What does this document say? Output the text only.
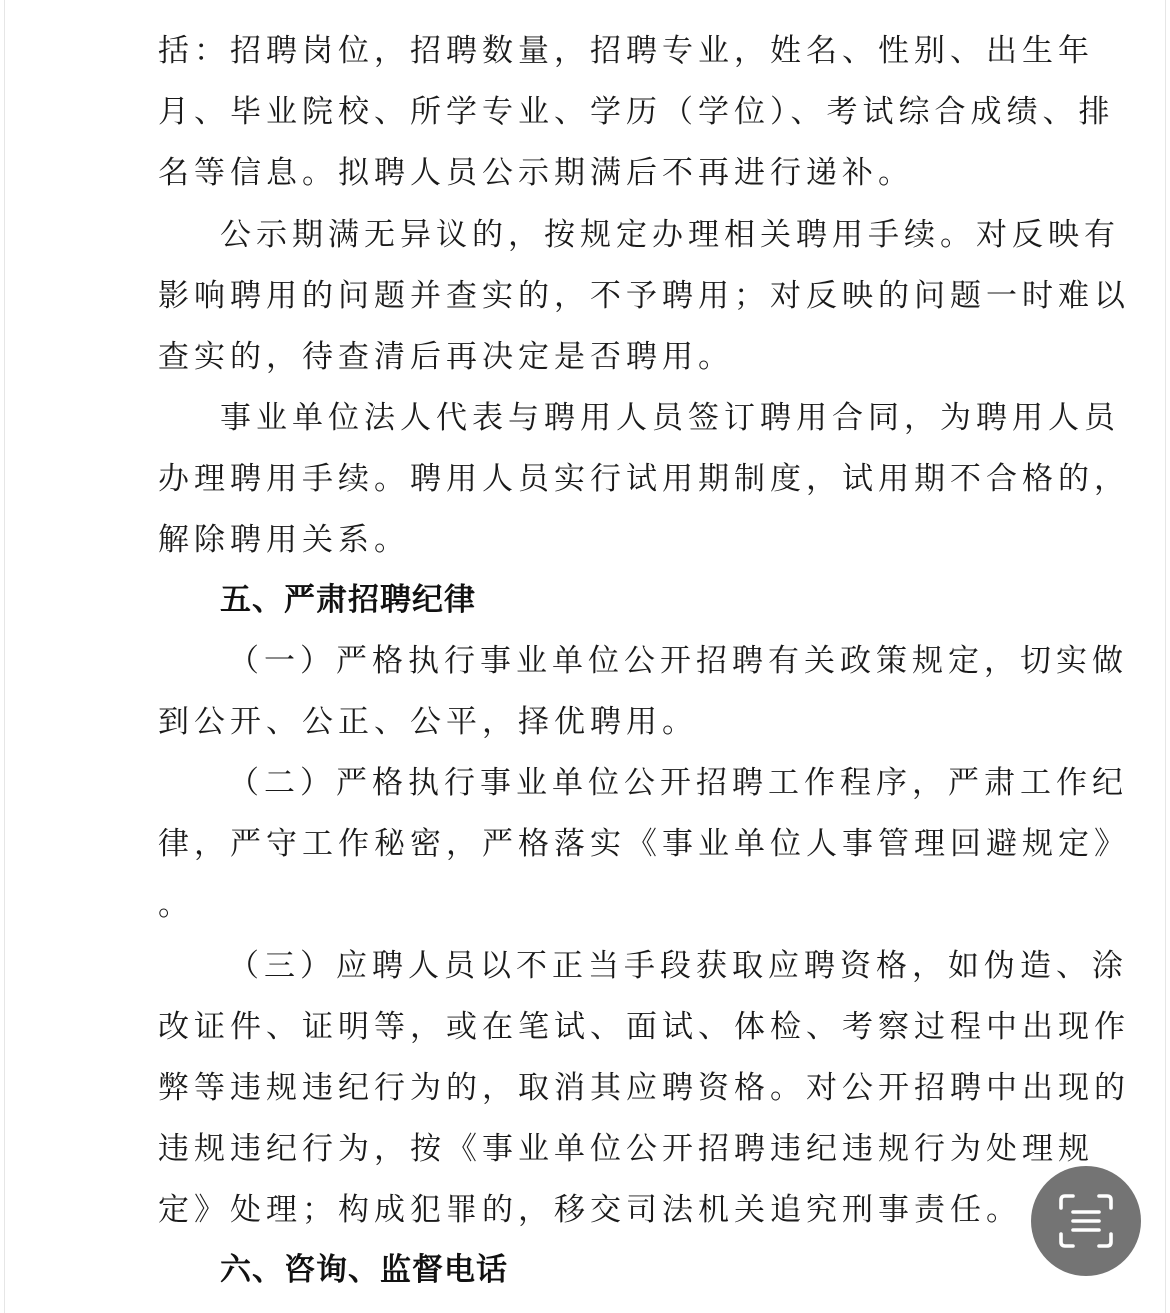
括：招聘岗位，招聘数量，招聘专业，姓名、性别、出生年

月、毕业院校、所学专业、学历（学位）、考试综合成绩、排

名等信息。拟聘人员公示期满后不再进行递补。

公示期满无异议的，按规定办理相关聘用手续。对反映有

影响聘用的问题并查实的，不予聘用；对反映的问题一时难以

查实的，待查清后再决定是否聘用。

事业单位法人代表与聘用人员签订聘用合同，为聘用人员

办理聘用手续。聘用人员实行试用期制度，试用期不合格的，

解除聘用关系。

五、严肃招聘纪律

（一）严格执行事业单位公开招聘有关政策规定，切实做

到公开、公正、公平，择优聘用。

（二）严格执行事业单位公开招聘工作程序，严肃工作纪

律，严守工作秘密，严格落实《事业单位人事管理回避规定》

。

（三）应聘人员以不正当手段获取应聘资格，如伪造、涂

改证件、证明等，或在笔试、面试、体检、考察过程中出现作

弊等违规违纪行为的，取消其应聘资格。对公开招聘中出现的

违规违纪行为，按《事业单位公开招聘违纪违规行为处理规

定》处理；构成犯罪的，移交司法机关追究刑事责任。

六、咨询、监督电话
